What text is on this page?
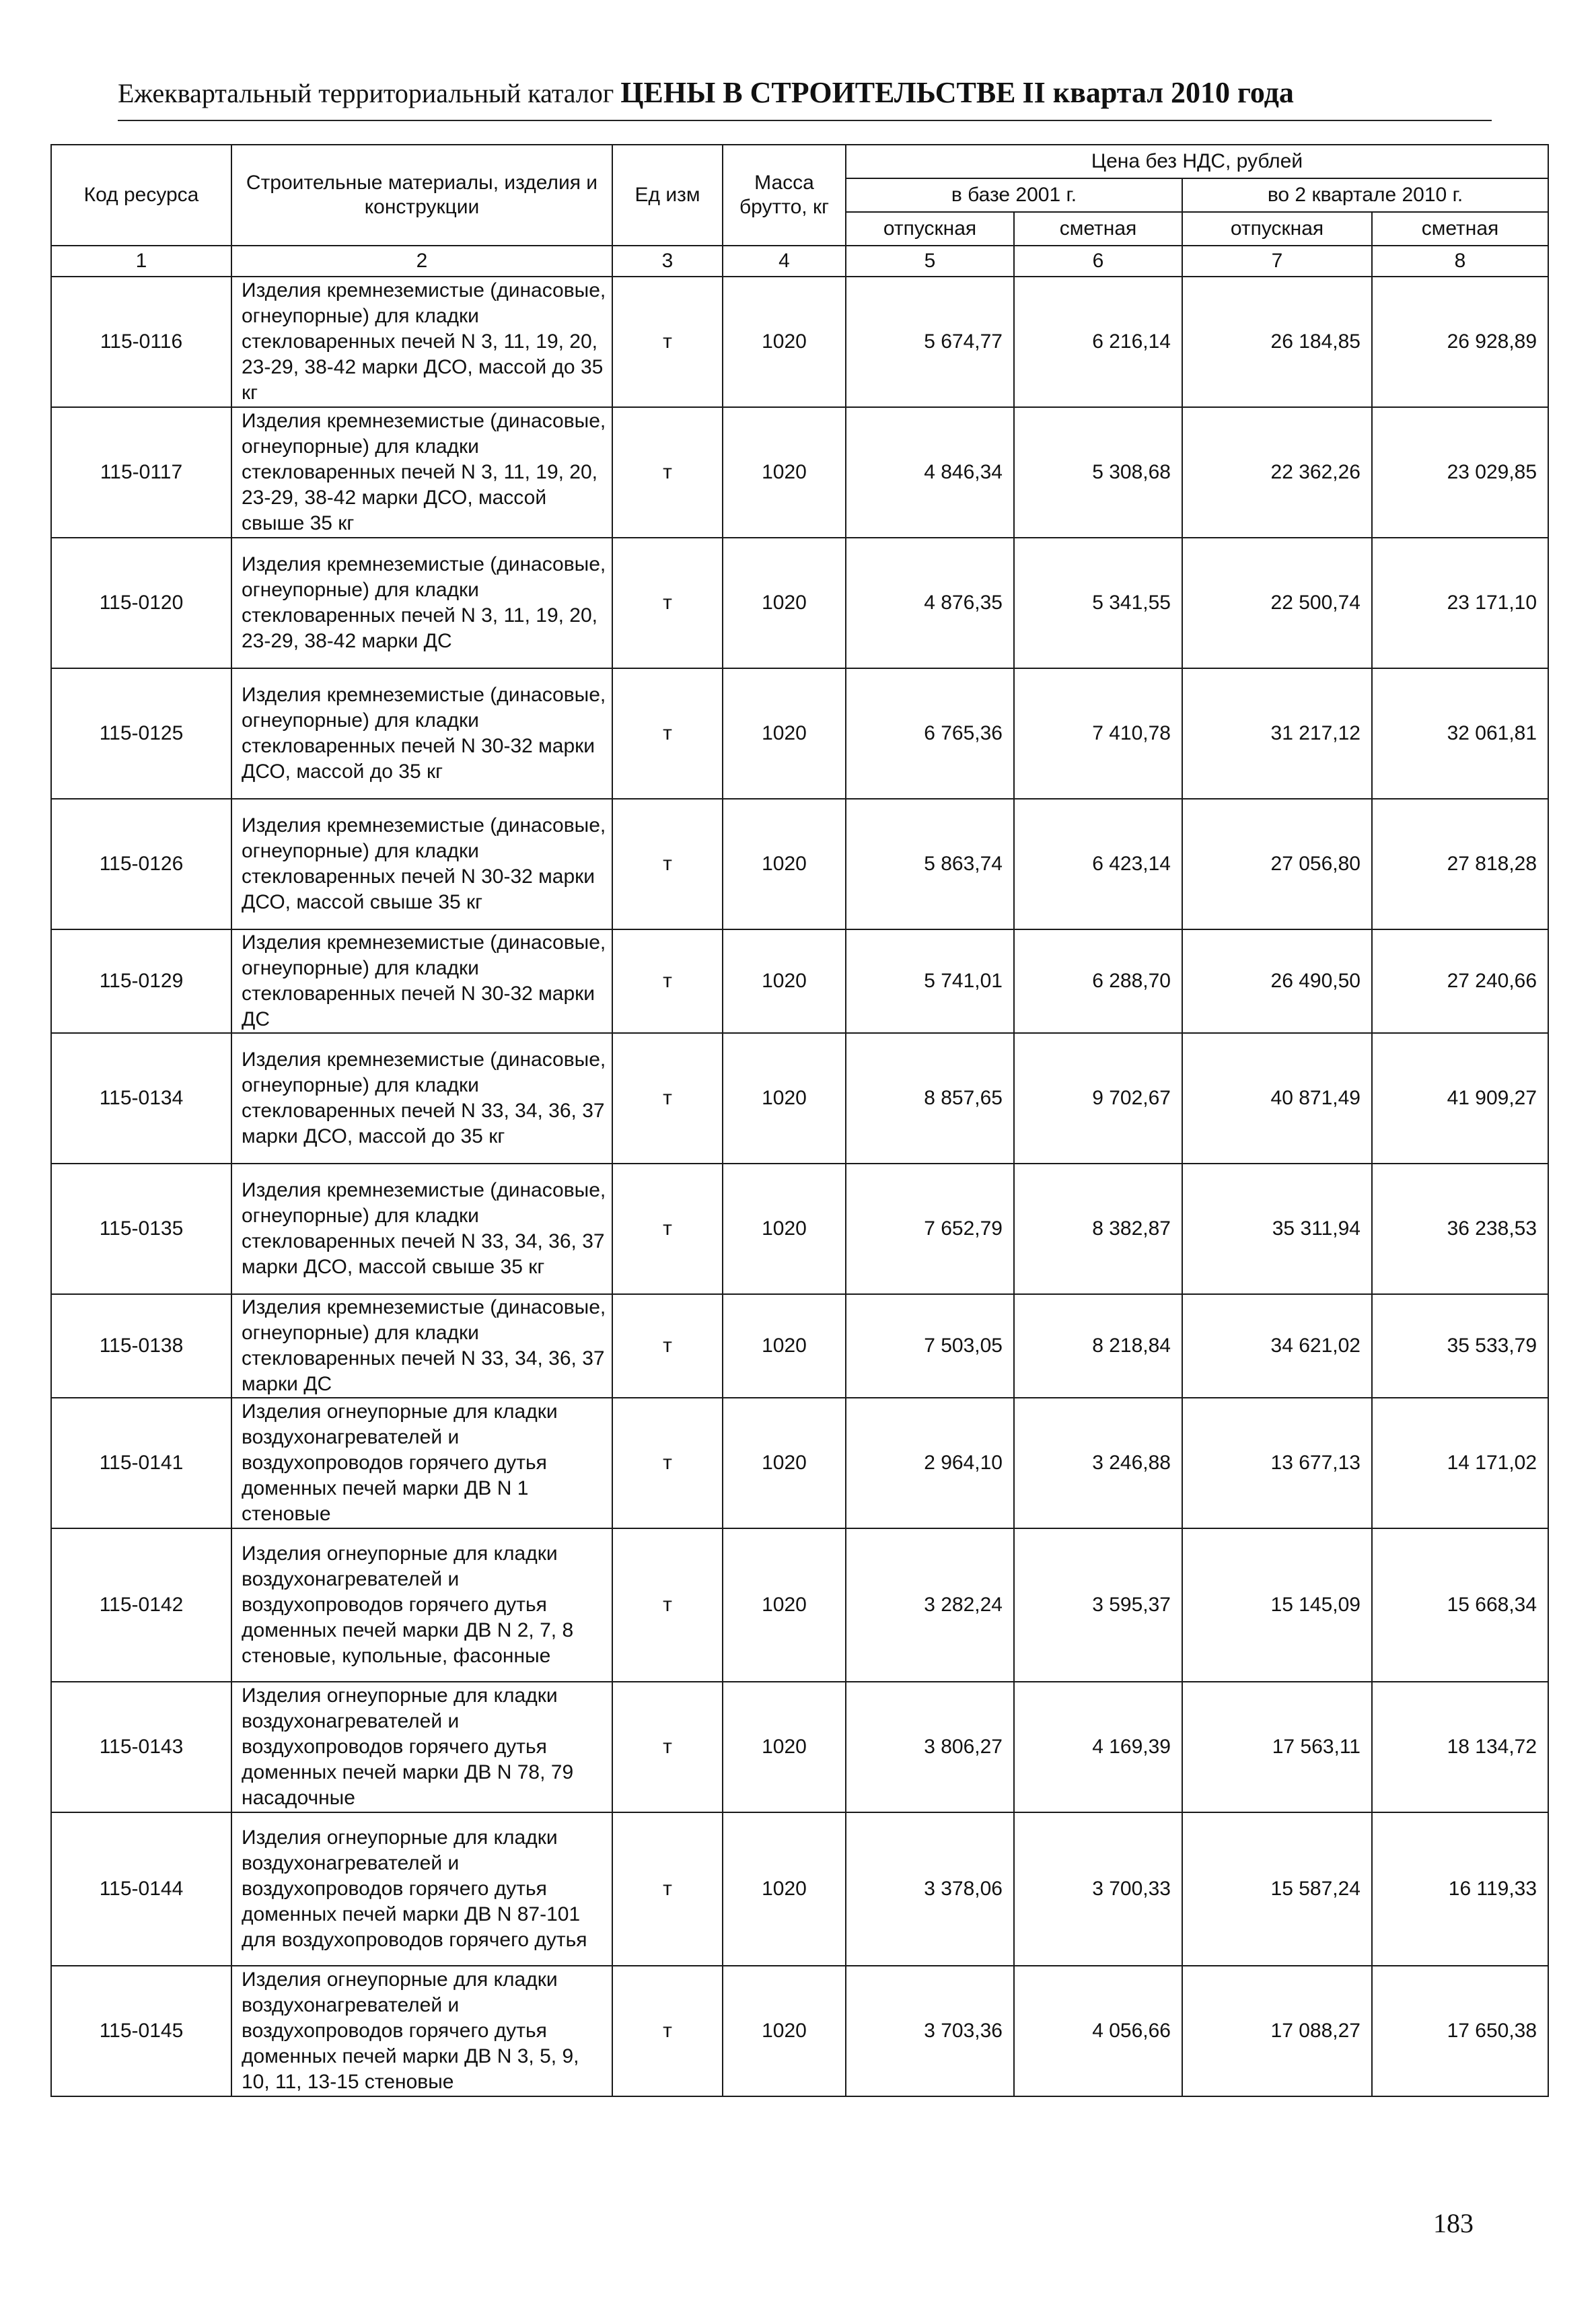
Ежеквартальный территориальный каталог ЦЕНЫ В СТРОИТЕЛЬСТВЕ II квартал 2010 года
Код ресурса	Строительные материалы, изделия и конструкции	Ед изм	Масса брутто, кг	Цена без НДС, рублей			
				в базе 2001 г.		во 2 квартале 2010 г.	
				отпускная	сметная	отпускная	сметная
1	2	3	4	5	6	7	8
115-0116	Изделия кремнеземистые (динасовые, огнеупорные) для кладки стекловаренных печей N 3, 11, 19, 20, 23-29, 38-42 марки ДСО, массой до 35 кг	т	1020	5 674,77	6 216,14	26 184,85	26 928,89
115-0117	Изделия кремнеземистые (динасовые, огнеупорные) для кладки стекловаренных печей N 3, 11, 19, 20, 23-29, 38-42 марки ДСО, массой свыше 35 кг	т	1020	4 846,34	5 308,68	22 362,26	23 029,85
115-0120	Изделия кремнеземистые (динасовые, огнеупорные) для кладки стекловаренных печей N 3, 11, 19, 20, 23-29, 38-42 марки ДС	т	1020	4 876,35	5 341,55	22 500,74	23 171,10
115-0125	Изделия кремнеземистые (динасовые, огнеупорные) для кладки стекловаренных печей N 30-32 марки ДСО, массой до 35 кг	т	1020	6 765,36	7 410,78	31 217,12	32 061,81
115-0126	Изделия кремнеземистые (динасовые, огнеупорные) для кладки стекловаренных печей N 30-32 марки ДСО, массой свыше 35 кг	т	1020	5 863,74	6 423,14	27 056,80	27 818,28
115-0129	Изделия кремнеземистые (динасовые, огнеупорные) для кладки стекловаренных печей N 30-32 марки ДС	т	1020	5 741,01	6 288,70	26 490,50	27 240,66
115-0134	Изделия кремнеземистые (динасовые, огнеупорные) для кладки стекловаренных печей N 33, 34, 36, 37 марки ДСО, массой до 35 кг	т	1020	8 857,65	9 702,67	40 871,49	41 909,27
115-0135	Изделия кремнеземистые (динасовые, огнеупорные) для кладки стекловаренных печей N 33, 34, 36, 37 марки ДСО, массой свыше 35 кг	т	1020	7 652,79	8 382,87	35 311,94	36 238,53
115-0138	Изделия кремнеземистые (динасовые, огнеупорные) для кладки стекловаренных печей N 33, 34, 36, 37 марки ДС	т	1020	7 503,05	8 218,84	34 621,02	35 533,79
115-0141	Изделия огнеупорные для кладки воздухонагревателей и воздухопроводов горячего дутья доменных печей марки ДВ N 1 стеновые	т	1020	2 964,10	3 246,88	13 677,13	14 171,02
115-0142	Изделия огнеупорные для кладки воздухонагревателей и воздухопроводов горячего дутья доменных печей марки ДВ N 2, 7, 8 стеновые, купольные, фасонные	т	1020	3 282,24	3 595,37	15 145,09	15 668,34
115-0143	Изделия огнеупорные для кладки воздухонагревателей и воздухопроводов горячего дутья доменных печей марки ДВ N 78, 79 насадочные	т	1020	3 806,27	4 169,39	17 563,11	18 134,72
115-0144	Изделия огнеупорные для кладки воздухонагревателей и воздухопроводов горячего дутья доменных печей марки ДВ N 87-101 для воздухопроводов горячего дутья	т	1020	3 378,06	3 700,33	15 587,24	16 119,33
115-0145	Изделия огнеупорные для кладки воздухонагревателей и воздухопроводов горячего дутья доменных печей марки ДВ N 3, 5, 9, 10, 11, 13-15 стеновые	т	1020	3 703,36	4 056,66	17 088,27	17 650,38
183
